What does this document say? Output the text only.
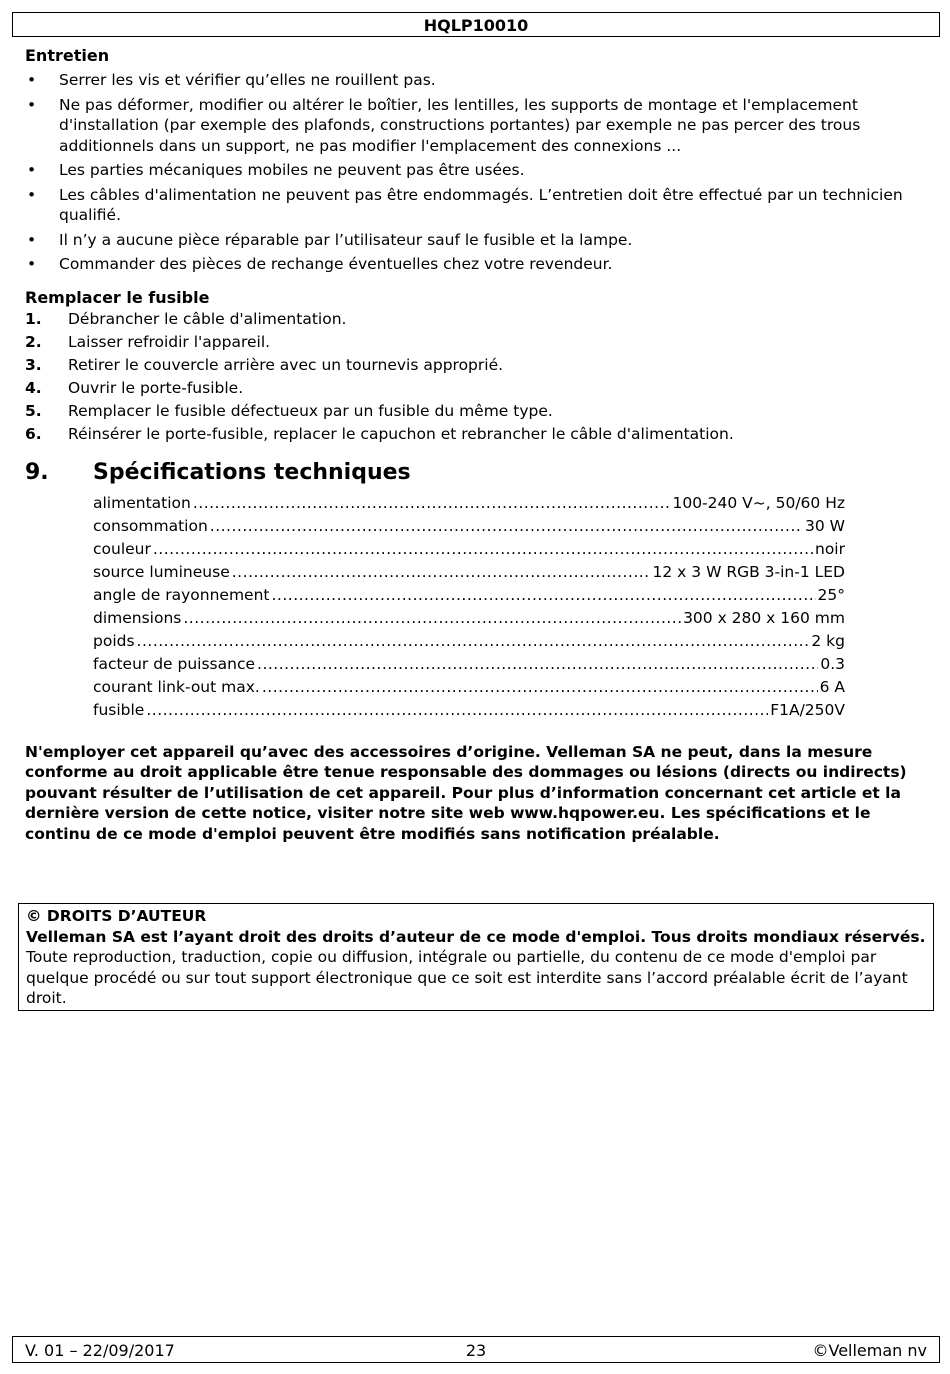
HQLP10010
Entretien
• Serrer les vis et vérifier qu’elles ne rouillent pas.
• Ne pas déformer, modifier ou altérer le boîtier, les lentilles, les supports de montage et l'emplacement d'installation (par exemple des plafonds, constructions portantes) par exemple ne pas percer des trous additionnels dans un support, ne pas modifier l'emplacement des connexions ...
• Les parties mécaniques mobiles ne peuvent pas être usées.
• Les câbles d'alimentation ne peuvent pas être endommagés. L’entretien doit être effectué par un technicien qualifié.
• Il n’y a aucune pièce réparable par l’utilisateur sauf le fusible et la lampe.
• Commander des pièces de rechange éventuelles chez votre revendeur.
Remplacer le fusible
1. Débrancher le câble d'alimentation.
2. Laisser refroidir l'appareil.
3. Retirer le couvercle arrière avec un tournevis approprié.
4. Ouvrir le porte-fusible.
5. Remplacer le fusible défectueux par un fusible du même type.
6. Réinsérer le porte-fusible, replacer le capuchon et rebrancher le câble d'alimentation.
9. Spécifications techniques
alimentation .....	100-240 V~, 50/60 Hz
consommation .....	30 W
couleur .....	noir
source lumineuse .....	12 x 3 W RGB 3-in-1 LED
angle de rayonnement .....	25°
dimensions .....	300 x 280 x 160 mm
poids .....	2 kg
facteur de puissance .....	0.3
courant link-out max. .....	6 A
fusible .....	F1A/250V

N'employer cet appareil qu’avec des accessoires d’origine. Velleman SA ne peut, dans la mesure conforme au droit applicable être tenue responsable des dommages ou lésions (directs ou indirects) pouvant résulter de l’utilisation de cet appareil. Pour plus d’information concernant cet article et la dernière version de cette notice, visiter notre site web www.hqpower.eu. Les spécifications et le continu de ce mode d'emploi peuvent être modifiés sans notification préalable.

© DROITS D’AUTEUR
Velleman SA est l’ayant droit des droits d’auteur de ce mode d'emploi. Tous droits mondiaux réservés. Toute reproduction, traduction, copie ou diffusion, intégrale ou partielle, du contenu de ce mode d'emploi par quelque procédé ou sur tout support électronique que ce soit est interdite sans l’accord préalable écrit de l’ayant droit.
V. 01 – 22/09/2017	23	©Velleman nv
